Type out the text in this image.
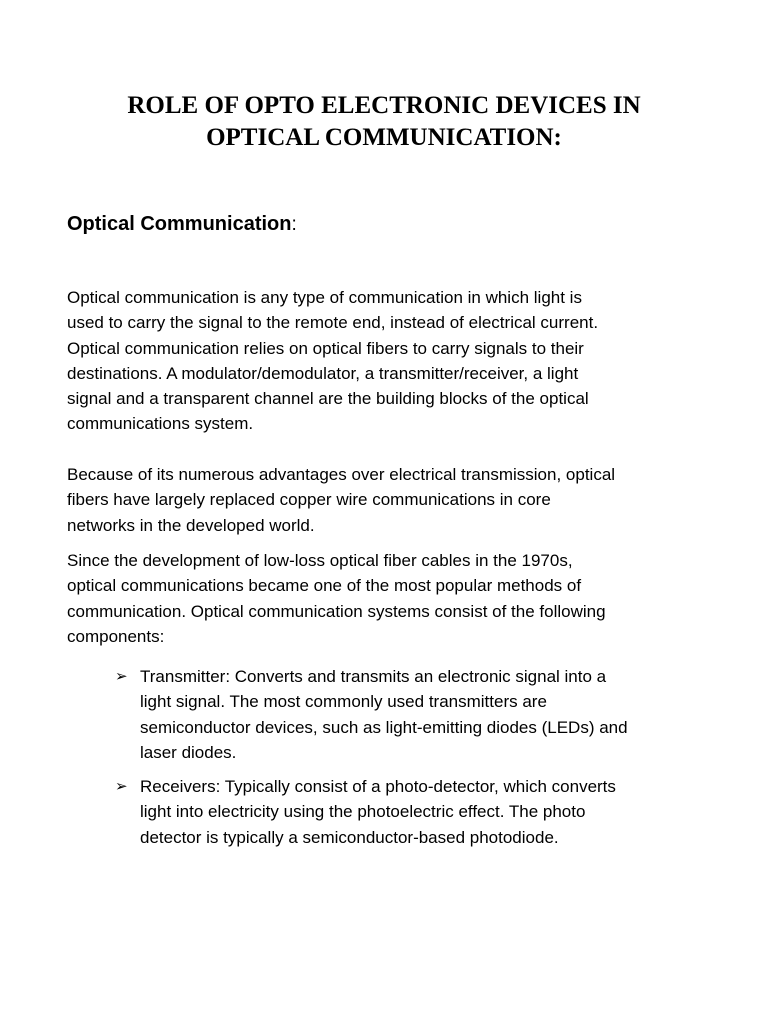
ROLE OF OPTO ELECTRONIC DEVICES IN
OPTICAL COMMUNICATION:
Optical Communication:

Optical communication is any type of communication in which light is
used to carry the signal to the remote end, instead of electrical current.
Optical communication relies on optical fibers to carry signals to their
destinations. A modulator/demodulator, a transmitter/receiver, a light
signal and a transparent channel are the building blocks of the optical
communications system.

Because of its numerous advantages over electrical transmission, optical
fibers have largely replaced copper wire communications in core
networks in the developed world.

Since the development of low-loss optical fiber cables in the 1970s,
optical communications became one of the most popular methods of
communication. Optical communication systems consist of the following
components:

➢ Transmitter: Converts and transmits an electronic signal into a
light signal. The most commonly used transmitters are
semiconductor devices, such as light-emitting diodes (LEDs) and
laser diodes.
➢ Receivers: Typically consist of a photo-detector, which converts
light into electricity using the photoelectric effect. The photo
detector is typically a semiconductor-based photodiode.
